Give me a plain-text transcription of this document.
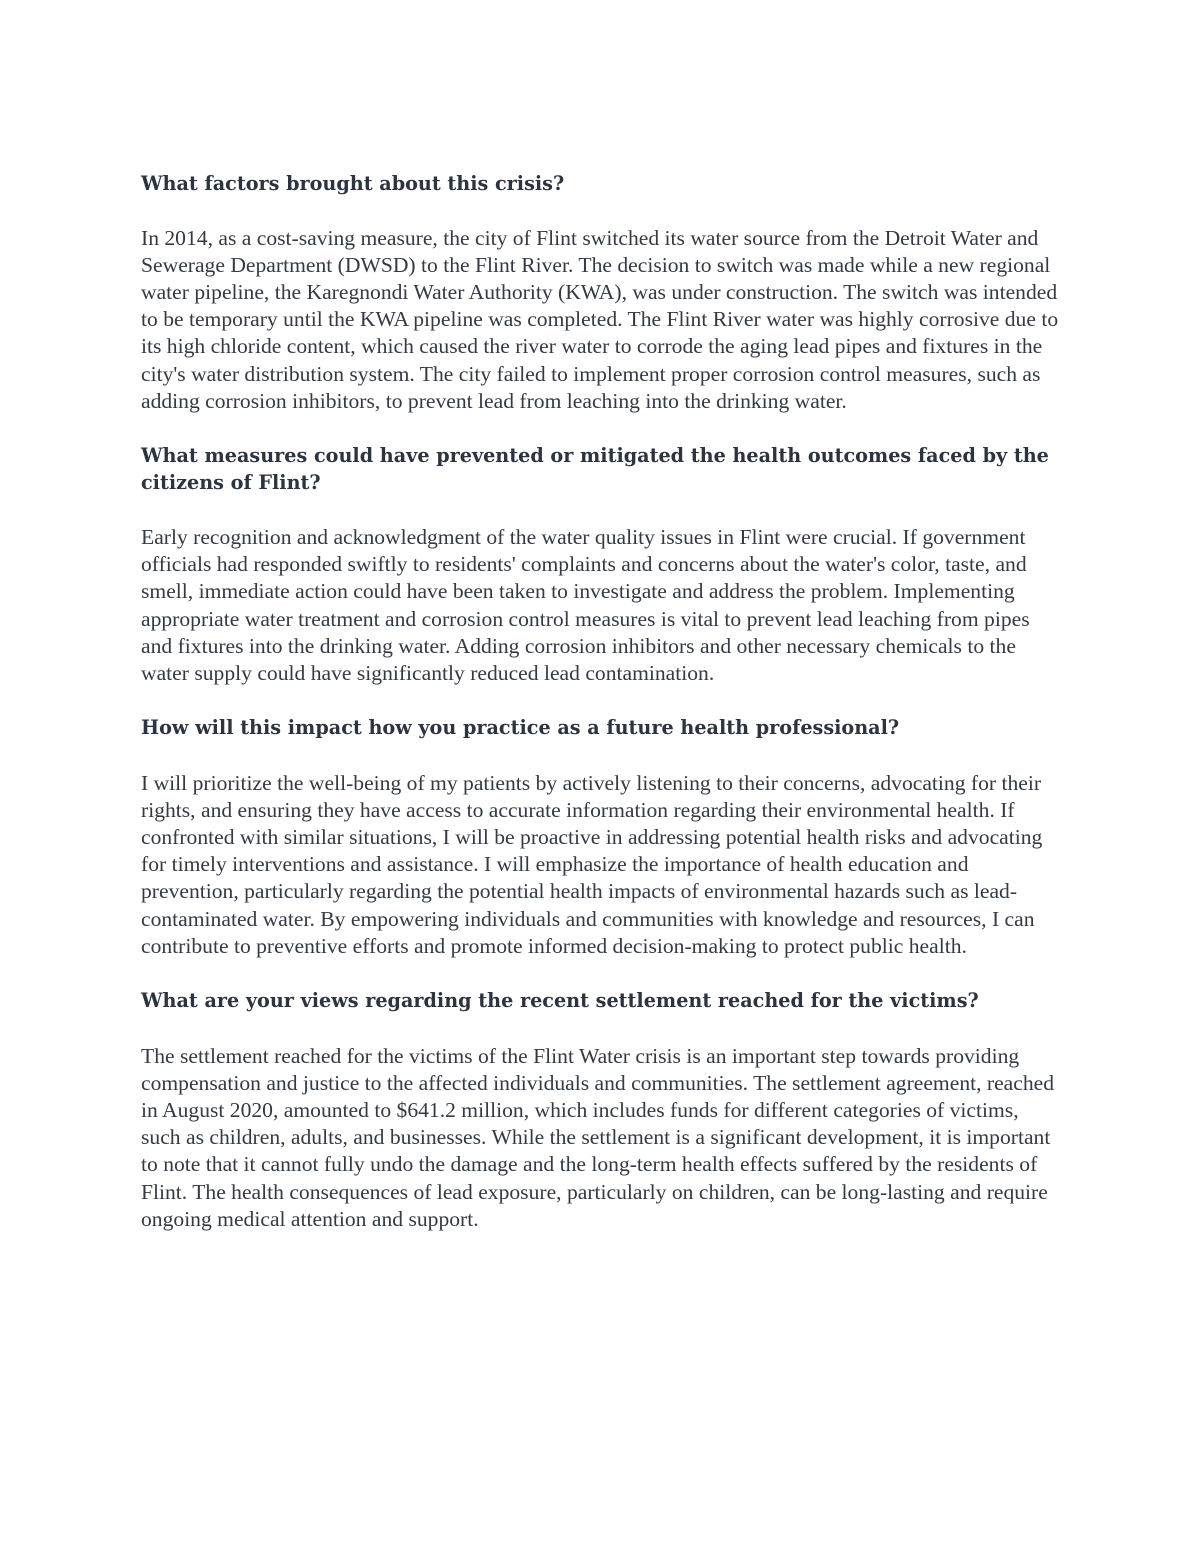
What factors brought about this crisis?

In 2014, as a cost-saving measure, the city of Flint switched its water source from the Detroit Water and Sewerage Department (DWSD) to the Flint River. The decision to switch was made while a new regional water pipeline, the Karegnondi Water Authority (KWA), was under construction. The switch was intended to be temporary until the KWA pipeline was completed. The Flint River water was highly corrosive due to its high chloride content, which caused the river water to corrode the aging lead pipes and fixtures in the city's water distribution system. The city failed to implement proper corrosion control measures, such as adding corrosion inhibitors, to prevent lead from leaching into the drinking water.

What measures could have prevented or mitigated the health outcomes faced by the citizens of Flint?

Early recognition and acknowledgment of the water quality issues in Flint were crucial. If government officials had responded swiftly to residents' complaints and concerns about the water's color, taste, and smell, immediate action could have been taken to investigate and address the problem. Implementing appropriate water treatment and corrosion control measures is vital to prevent lead leaching from pipes and fixtures into the drinking water. Adding corrosion inhibitors and other necessary chemicals to the water supply could have significantly reduced lead contamination.

How will this impact how you practice as a future health professional?

I will prioritize the well-being of my patients by actively listening to their concerns, advocating for their rights, and ensuring they have access to accurate information regarding their environmental health. If confronted with similar situations, I will be proactive in addressing potential health risks and advocating for timely interventions and assistance. I will emphasize the importance of health education and prevention, particularly regarding the potential health impacts of environmental hazards such as lead-contaminated water. By empowering individuals and communities with knowledge and resources, I can contribute to preventive efforts and promote informed decision-making to protect public health.

What are your views regarding the recent settlement reached for the victims?

The settlement reached for the victims of the Flint Water crisis is an important step towards providing compensation and justice to the affected individuals and communities. The settlement agreement, reached in August 2020, amounted to $641.2 million, which includes funds for different categories of victims, such as children, adults, and businesses. While the settlement is a significant development, it is important to note that it cannot fully undo the damage and the long-term health effects suffered by the residents of Flint. The health consequences of lead exposure, particularly on children, can be long-lasting and require ongoing medical attention and support.
